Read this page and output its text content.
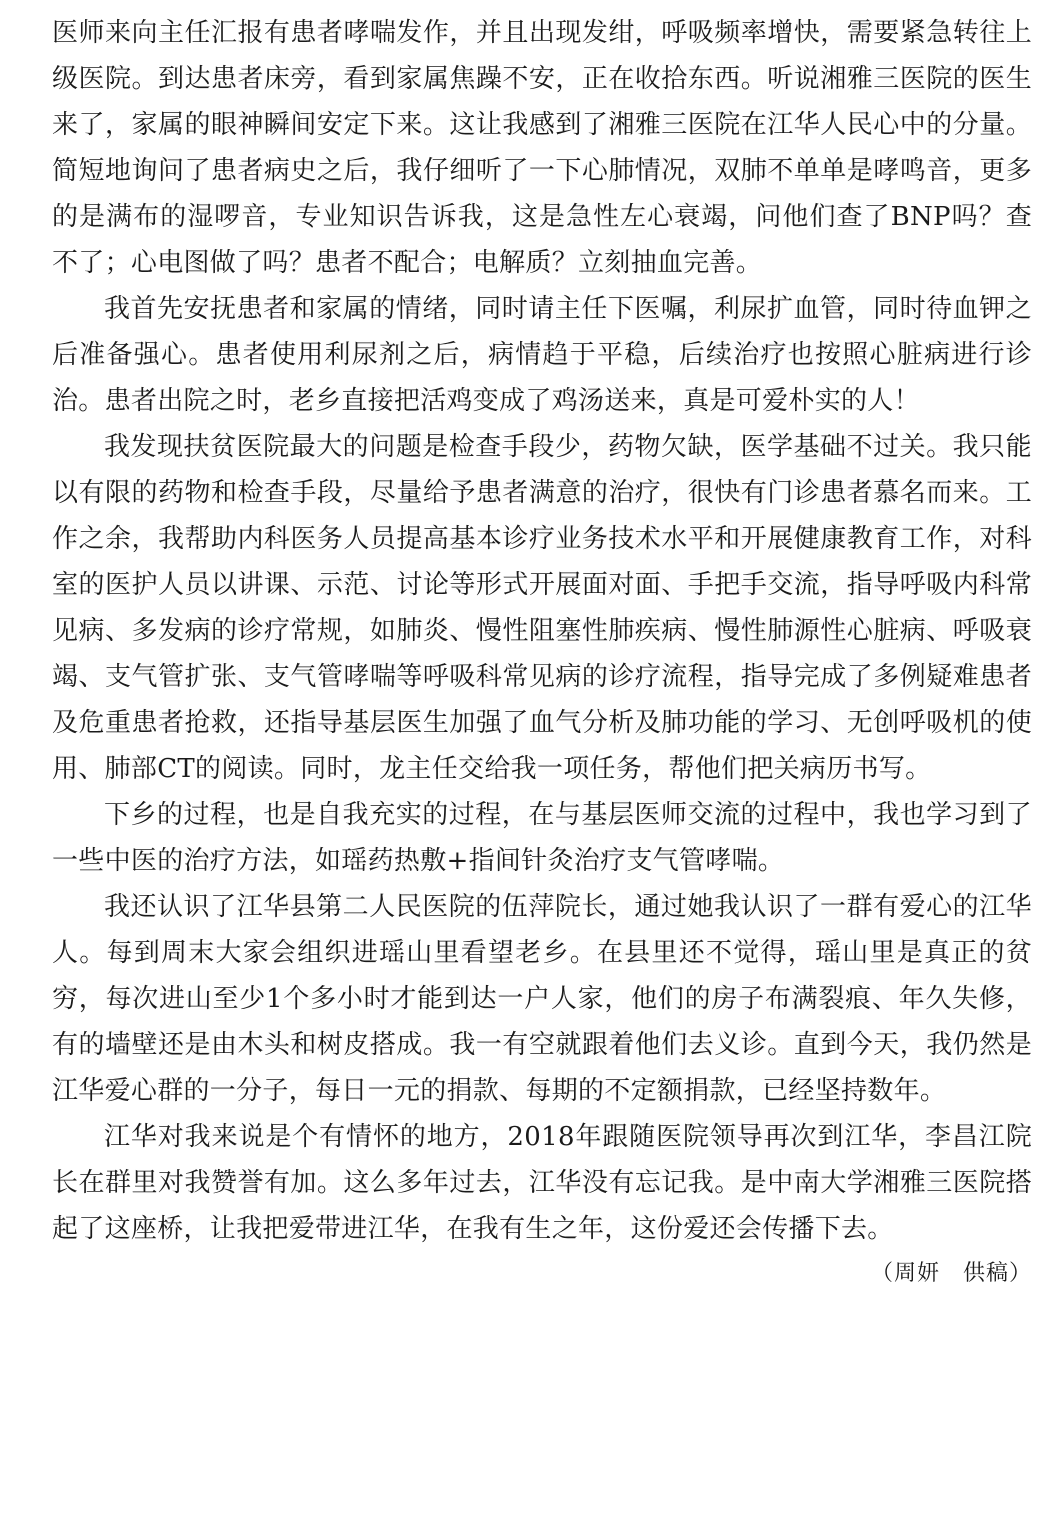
医师来向主任汇报有患者哮喘发作，并且出现发绀，呼吸频率增快，需要紧急转往上级医院。到达患者床旁，看到家属焦躁不安，正在收拾东西。听说湘雅三医院的医生来了，家属的眼神瞬间安定下来。这让我感到了湘雅三医院在江华人民心中的分量。简短地询问了患者病史之后，我仔细听了一下心肺情况，双肺不单单是哮鸣音，更多的是满布的湿啰音，专业知识告诉我，这是急性左心衰竭，问他们查了BNP吗？查不了；心电图做了吗？患者不配合；电解质？立刻抽血完善。

我首先安抚患者和家属的情绪，同时请主任下医嘱，利尿扩血管，同时待血钾之后准备强心。患者使用利尿剂之后，病情趋于平稳，后续治疗也按照心脏病进行诊治。患者出院之时，老乡直接把活鸡变成了鸡汤送来，真是可爱朴实的人！

我发现扶贫医院最大的问题是检查手段少，药物欠缺，医学基础不过关。我只能以有限的药物和检查手段，尽量给予患者满意的治疗，很快有门诊患者慕名而来。工作之余，我帮助内科医务人员提高基本诊疗业务技术水平和开展健康教育工作，对科室的医护人员以讲课、示范、讨论等形式开展面对面、手把手交流，指导呼吸内科常见病、多发病的诊疗常规，如肺炎、慢性阻塞性肺疾病、慢性肺源性心脏病、呼吸衰竭、支气管扩张、支气管哮喘等呼吸科常见病的诊疗流程，指导完成了多例疑难患者及危重患者抢救，还指导基层医生加强了血气分析及肺功能的学习、无创呼吸机的使用、肺部CT的阅读。同时，龙主任交给我一项任务，帮他们把关病历书写。

下乡的过程，也是自我充实的过程，在与基层医师交流的过程中，我也学习到了一些中医的治疗方法，如瑶药热敷+指间针灸治疗支气管哮喘。

我还认识了江华县第二人民医院的伍萍院长，通过她我认识了一群有爱心的江华人。每到周末大家会组织进瑶山里看望老乡。在县里还不觉得，瑶山里是真正的贫穷，每次进山至少1个多小时才能到达一户人家，他们的房子布满裂痕、年久失修，有的墙壁还是由木头和树皮搭成。我一有空就跟着他们去义诊。直到今天，我仍然是江华爱心群的一分子，每日一元的捐款、每期的不定额捐款，已经坚持数年。

江华对我来说是个有情怀的地方，2018年跟随医院领导再次到江华，李昌江院长在群里对我赞誉有加。这么多年过去，江华没有忘记我。是中南大学湘雅三医院搭起了这座桥，让我把爱带进江华，在我有生之年，这份爱还会传播下去。

（周妍　供稿）
